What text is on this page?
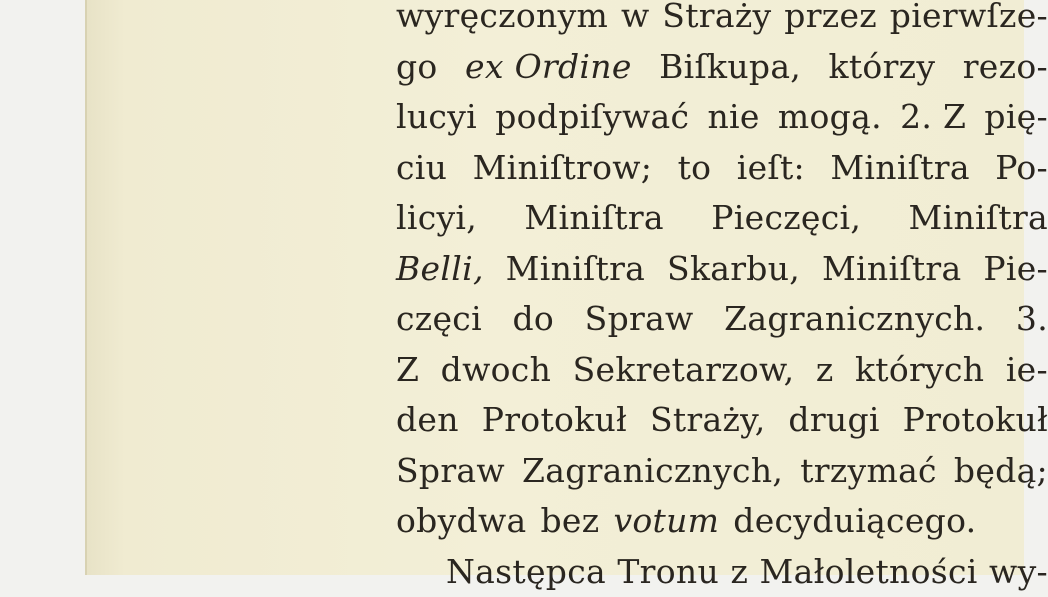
wyręczonym w Straży przez pierwſze-
go ex Ordine Biſkupa, którzy rezo-
lucyi podpiſywać nie mogą. 2. Z pię-
ciu Miniſtrow; to ieſt: Miniſtra Po-
licyi, Miniſtra Pieczęci, Miniſtra
Belli, Miniſtra Skarbu, Miniſtra Pie-
częci do Spraw Zagranicznych. 3.
Z dwoch Sekretarzow, z których ie-
den Protokuł Straży, drugi Protokuł
Spraw Zagranicznych, trzymać będą;
obydwa bez votum decyduiącego.
Następca Tronu z Małoletności wy-
